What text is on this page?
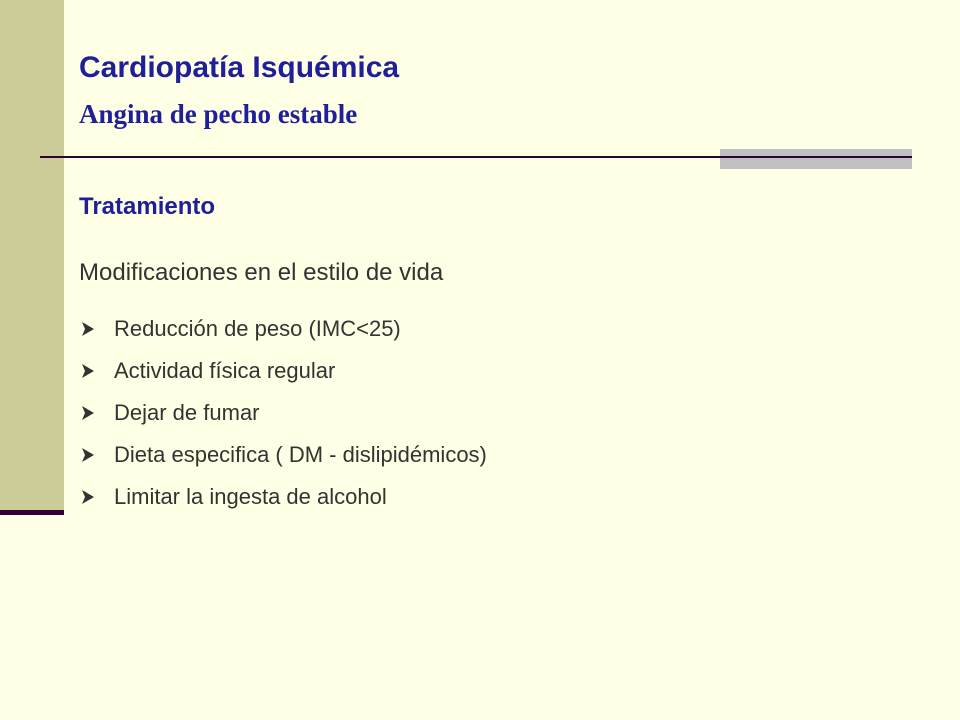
Cardiopatía Isquémica
Angina de pecho estable
Tratamiento
Modificaciones en el estilo de vida
Reducción de peso (IMC<25)
Actividad física regular
Dejar de fumar
Dieta especifica ( DM - dislipidémicos)
Limitar la ingesta de alcohol
